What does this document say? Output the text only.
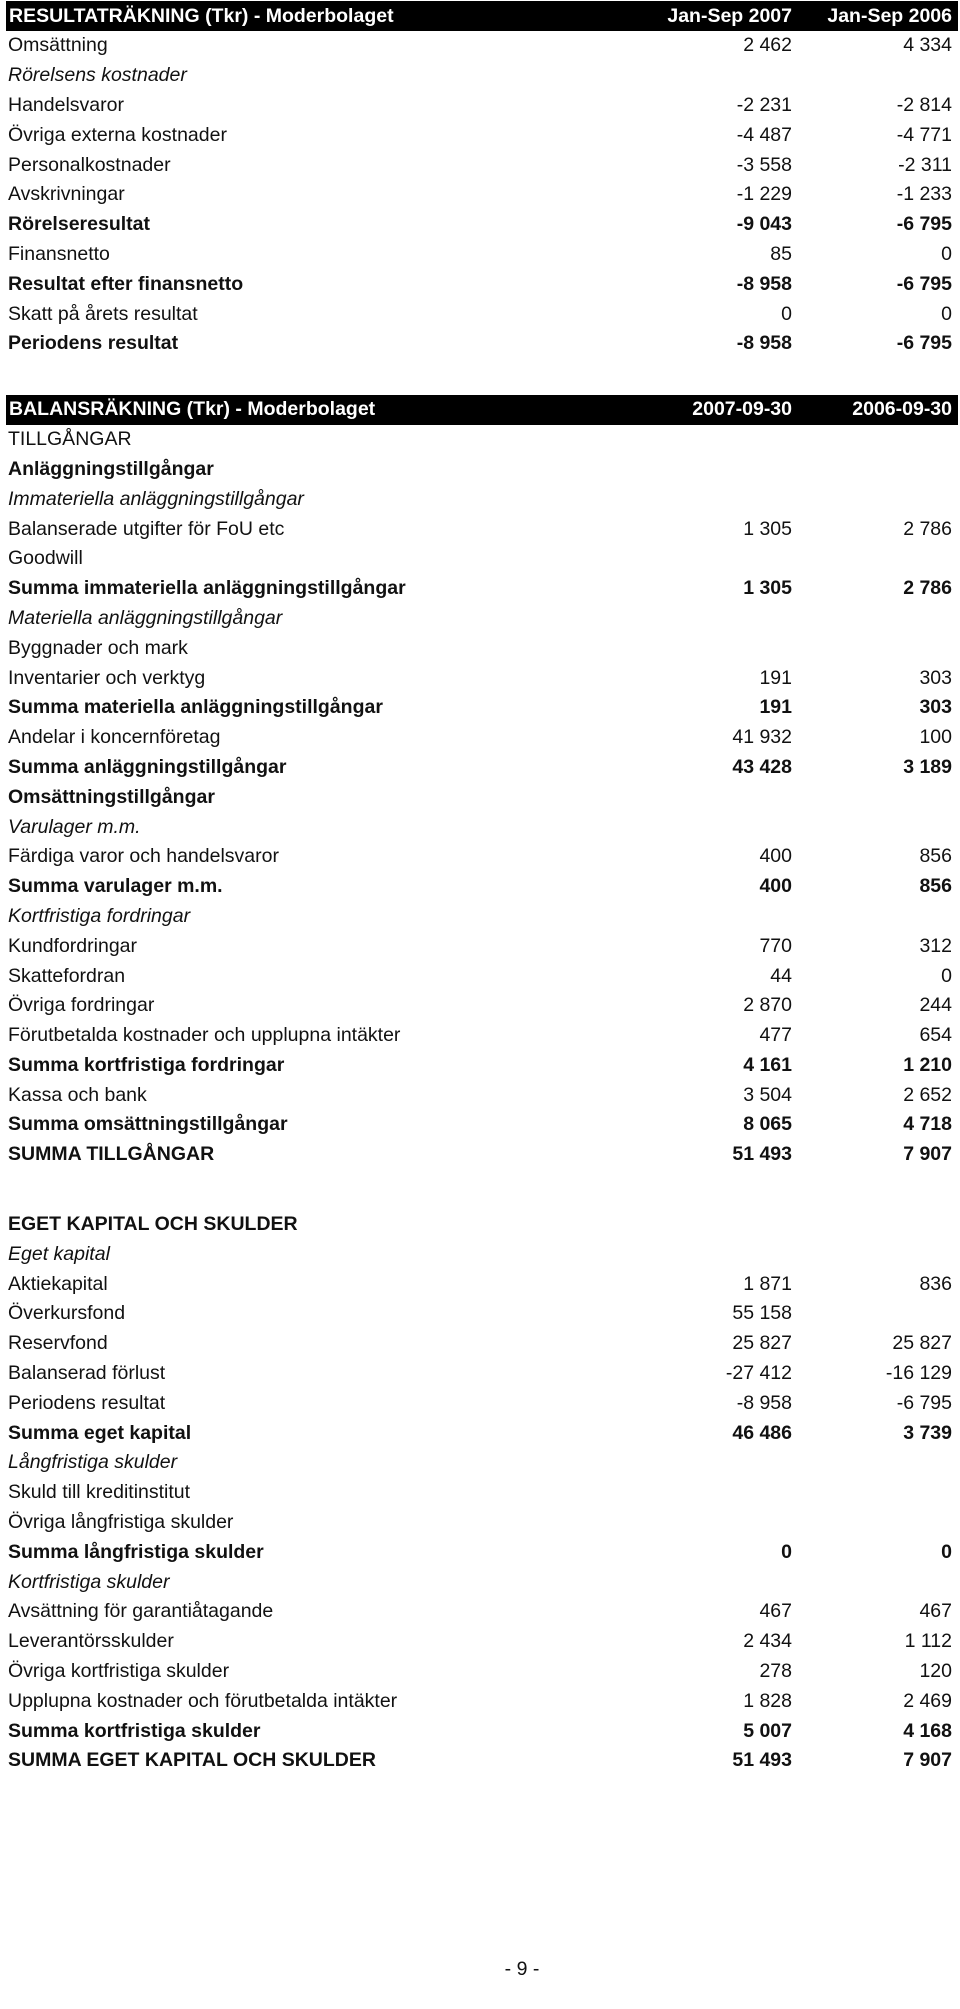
RESULTATRÄKNING (Tkr) - Moderbolaget	Jan-Sep 2007	Jan-Sep 2006
Omsättning	2 462	4 334
Rörelsens kostnader
Handelsvaror	-2 231	-2 814
Övriga externa kostnader	-4 487	-4 771
Personalkostnader	-3 558	-2 311
Avskrivningar	-1 229	-1 233
Rörelseresultat	-9 043	-6 795
Finansnetto	85	0
Resultat efter finansnetto	-8 958	-6 795
Skatt på årets resultat	0	0
Periodens resultat	-8 958	-6 795
BALANSRÄKNING (Tkr) - Moderbolaget	2007-09-30	2006-09-30
TILLGÅNGAR
Anläggningstillgångar
Immateriella anläggningstillgångar
Balanserade utgifter för FoU etc	1 305	2 786
Goodwill
Summa immateriella anläggningstillgångar	1 305	2 786
Materiella anläggningstillgångar
Byggnader och mark
Inventarier och verktyg	191	303
Summa materiella anläggningstillgångar	191	303
Andelar i koncernföretag	41 932	100
Summa anläggningstillgångar	43 428	3 189
Omsättningstillgångar
Varulager m.m.
Färdiga varor och handelsvaror	400	856
Summa varulager m.m.	400	856
Kortfristiga fordringar
Kundfordringar	770	312
Skattefordran	44	0
Övriga fordringar	2 870	244
Förutbetalda kostnader och upplupna intäkter	477	654
Summa kortfristiga fordringar	4 161	1 210
Kassa och bank	3 504	2 652
Summa omsättningstillgångar	8 065	4 718
SUMMA TILLGÅNGAR	51 493	7 907
EGET KAPITAL OCH SKULDER
Eget kapital
Aktiekapital	1 871	836
Överkursfond	55 158
Reservfond	25 827	25 827
Balanserad förlust	-27 412	-16 129
Periodens resultat	-8 958	-6 795
Summa eget kapital	46 486	3 739
Långfristiga skulder
Skuld till kreditinstitut
Övriga långfristiga skulder
Summa långfristiga skulder	0	0
Kortfristiga skulder
Avsättning för garantiåtagande	467	467
Leverantörsskulder	2 434	1 112
Övriga kortfristiga skulder	278	120
Upplupna kostnader och förutbetalda intäkter	1 828	2 469
Summa kortfristiga skulder	5 007	4 168
SUMMA EGET KAPITAL OCH SKULDER	51 493	7 907
- 9 -
